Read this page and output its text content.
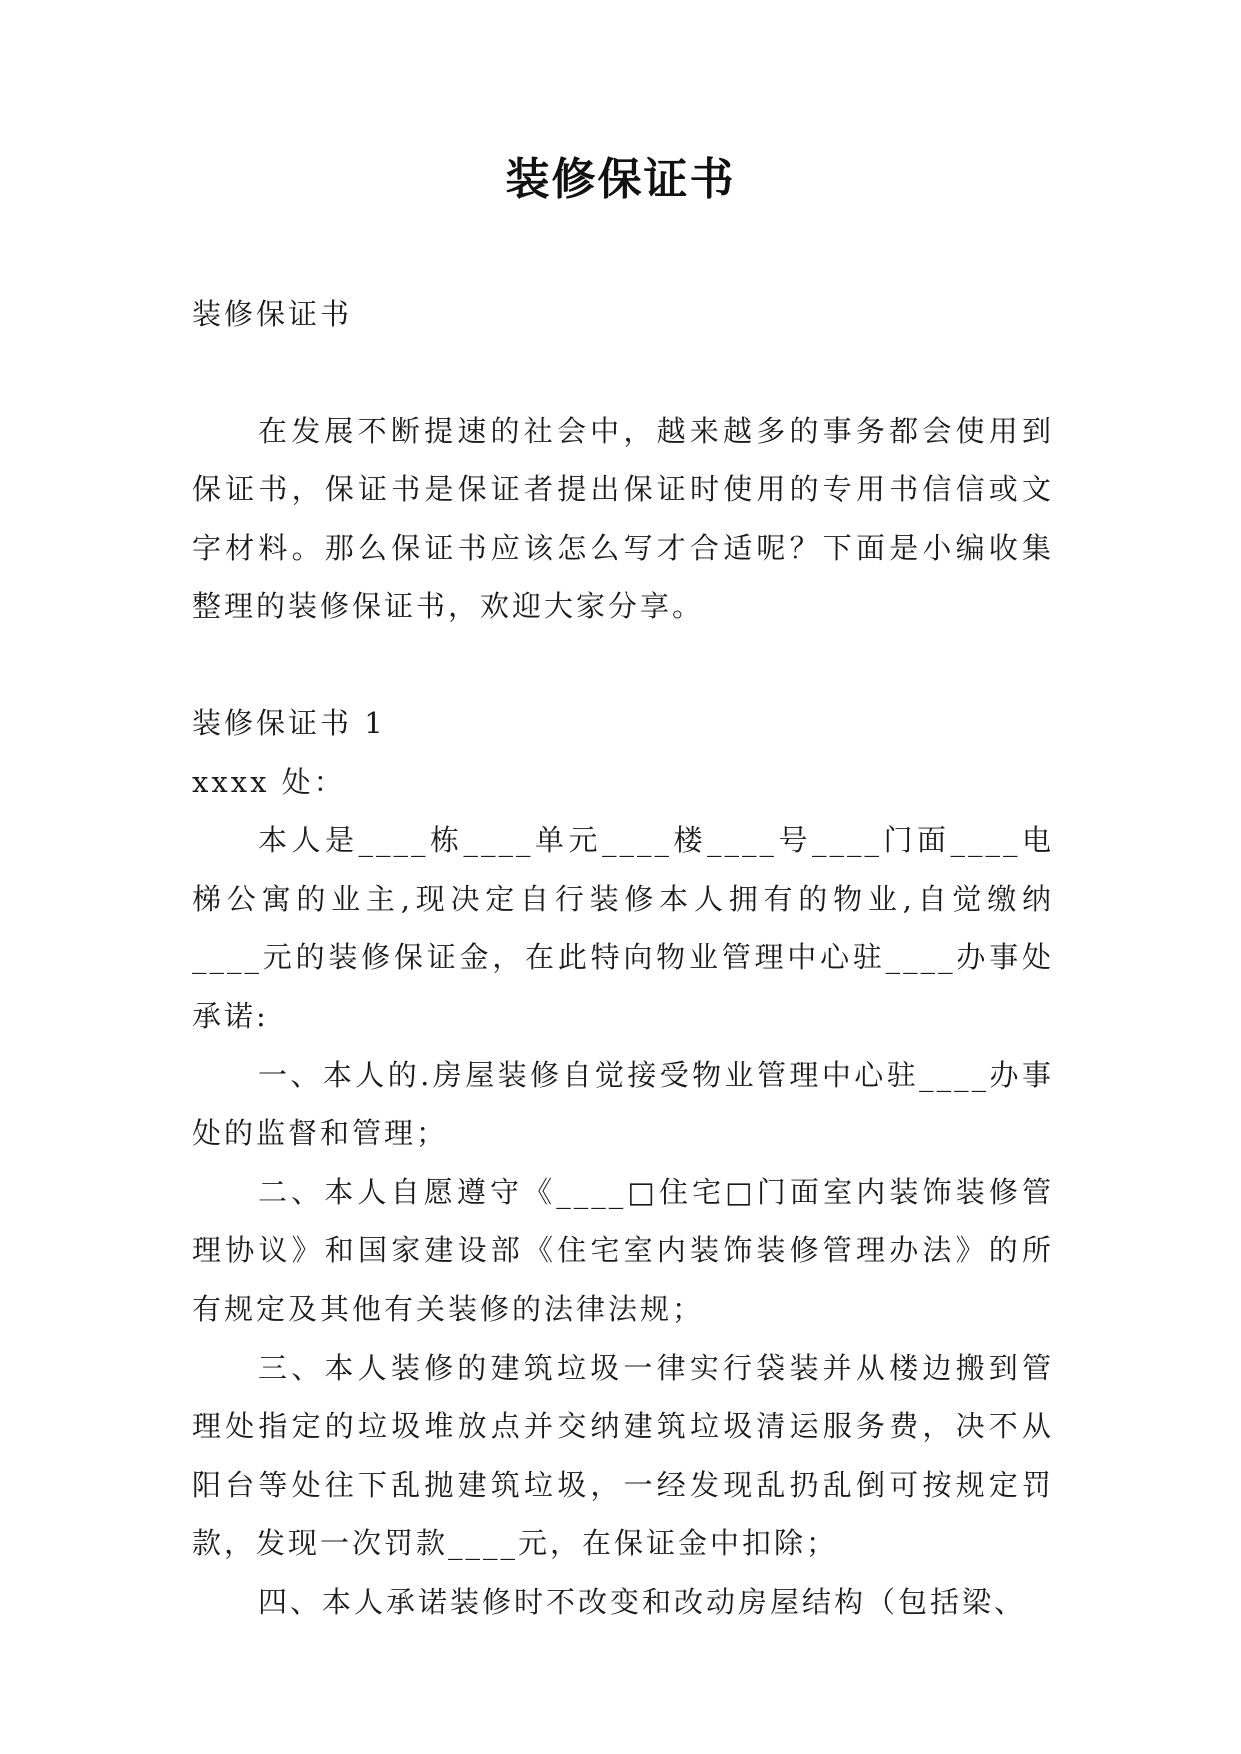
装修保证书

装修保证书

在发展不断提速的社会中，越来越多的事务都会使用到保证书，保证书是保证者提出保证时使用的专用书信信或文字材料。那么保证书应该怎么写才合适呢？下面是小编收集整理的装修保证书，欢迎大家分享。

装修保证书 1

xxxx 处：

本人是____栋____单元____楼____号____门面____电梯公寓的业主,现决定自行装修本人拥有的物业,自觉缴纳____元的装修保证金，在此特向物业管理中心驻____办事处承诺:

一、本人的.房屋装修自觉接受物业管理中心驻____办事处的监督和管理；

二、本人自愿遵守《____□住宅□门面室内装饰装修管理协议》和国家建设部《住宅室内装饰装修管理办法》的所有规定及其他有关装修的法律法规；

三、本人装修的建筑垃圾一律实行袋装并从楼边搬到管理处指定的垃圾堆放点并交纳建筑垃圾清运服务费，决不从阳台等处往下乱抛建筑垃圾，一经发现乱扔乱倒可按规定罚款，发现一次罚款____元，在保证金中扣除；

四、本人承诺装修时不改变和改动房屋结构（包括梁、
